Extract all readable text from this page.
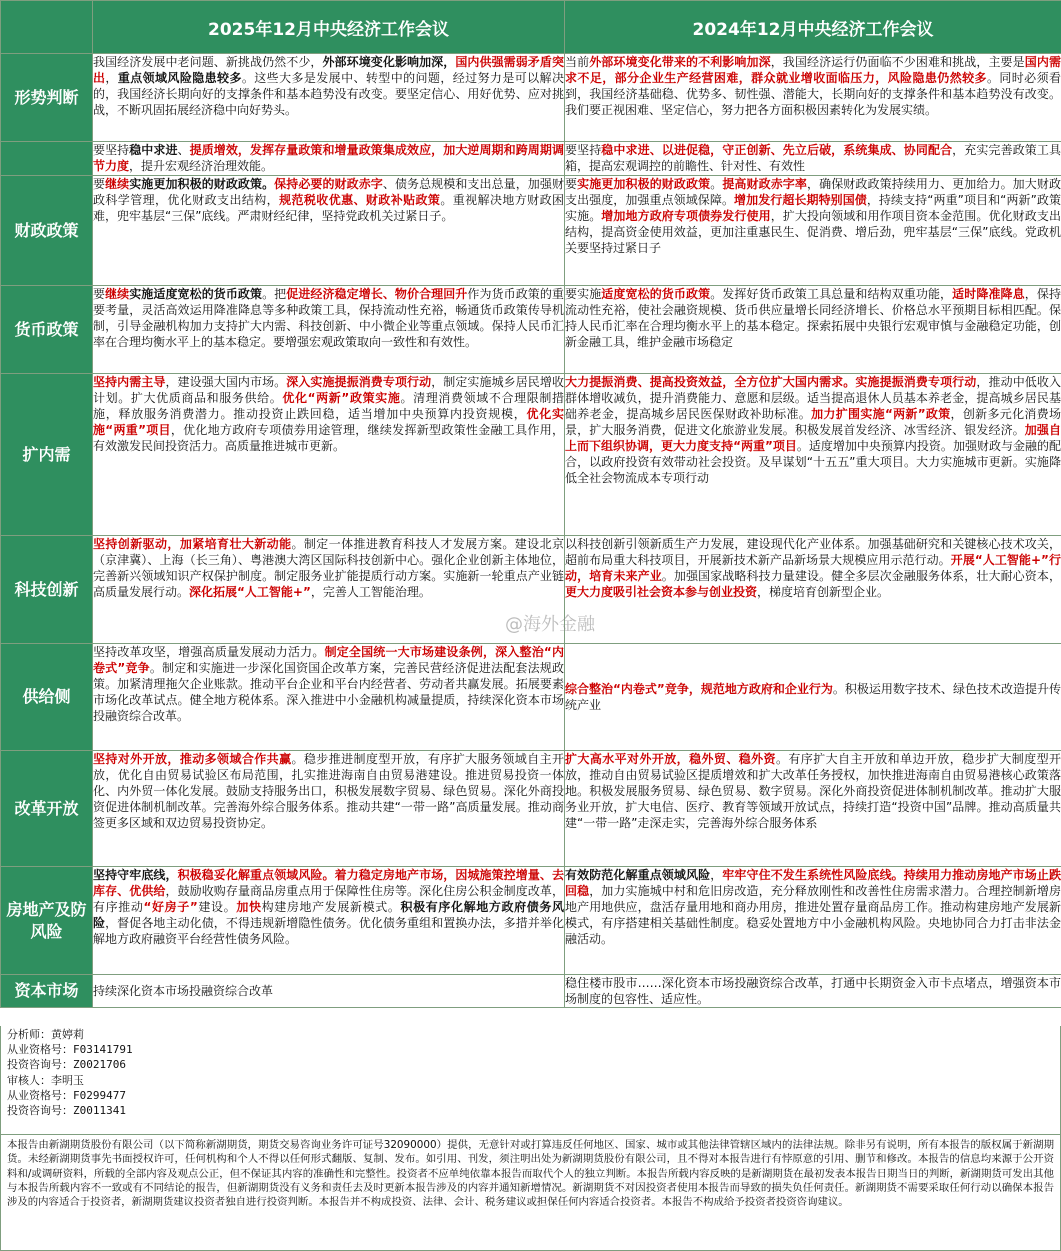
	2025年12月中央经济工作会议	2024年12月中央经济工作会议
形势判断	我国经济发展中老问题、新挑战仍然不少，外部环境变化影响加深，国内供强需弱矛盾突出，重点领域风险隐患较多。这些大多是发展中、转型中的问题，经过努力是可以解决的，我国经济长期向好的支撑条件和基本趋势没有改变。要坚定信心、用好优势、应对挑战，不断巩固拓展经济稳中向好势头。	当前外部环境变化带来的不利影响加深，我国经济运行仍面临不少困难和挑战，主要是国内需求不足，部分企业生产经营困难，群众就业增收面临压力，风险隐患仍然较多。同时必须看到，我国经济基础稳、优势多、韧性强、潜能大，长期向好的支撑条件和基本趋势没有改变。我们要正视困难、坚定信心，努力把各方面积极因素转化为发展实绩。
	要坚持稳中求进、提质增效，发挥存量政策和增量政策集成效应，加大逆周期和跨周期调节力度，提升宏观经济治理效能。	要坚持稳中求进、以进促稳，守正创新、先立后破，系统集成、协同配合，充实完善政策工具箱，提高宏观调控的前瞻性、针对性、有效性
财政政策	要继续实施更加积极的财政政策。保持必要的财政赤字、债务总规模和支出总量，加强财政科学管理，优化财政支出结构，规范税收优惠、财政补贴政策。重视解决地方财政困难，兜牢基层“三保”底线。严肃财经纪律，坚持党政机关过紧日子。	要实施更加积极的财政政策。提高财政赤字率，确保财政政策持续用力、更加给力。加大财政支出强度，加强重点领域保障。增加发行超长期特别国债，持续支持“两重”项目和“两新”政策实施。增加地方政府专项债券发行使用，扩大投向领域和用作项目资本金范围。优化财政支出结构，提高资金使用效益，更加注重惠民生、促消费、增后劲，兜牢基层“三保”底线。党政机关要坚持过紧日子
货币政策	要继续实施适度宽松的货币政策。把促进经济稳定增长、物价合理回升作为货币政策的重要考量，灵活高效运用降准降息等多种政策工具，保持流动性充裕，畅通货币政策传导机制，引导金融机构加力支持扩大内需、科技创新、中小微企业等重点领域。保持人民币汇率在合理均衡水平上的基本稳定。要增强宏观政策取向一致性和有效性。	要实施适度宽松的货币政策。发挥好货币政策工具总量和结构双重功能，适时降准降息，保持流动性充裕，使社会融资规模、货币供应量增长同经济增长、价格总水平预期目标相匹配。保持人民币汇率在合理均衡水平上的基本稳定。探索拓展中央银行宏观审慎与金融稳定功能，创新金融工具，维护金融市场稳定
扩内需	坚持内需主导，建设强大国内市场。深入实施提振消费专项行动，制定实施城乡居民增收计划。扩大优质商品和服务供给。优化“两新”政策实施。清理消费领域不合理限制措施，释放服务消费潜力。推动投资止跌回稳，适当增加中央预算内投资规模，优化实施“两重”项目，优化地方政府专项债券用途管理，继续发挥新型政策性金融工具作用，有效激发民间投资活力。高质量推进城市更新。	大力提振消费、提高投资效益，全方位扩大国内需求。实施提振消费专项行动，推动中低收入群体增收减负，提升消费能力、意愿和层级。适当提高退休人员基本养老金，提高城乡居民基础养老金，提高城乡居民医保财政补助标准。加力扩围实施“两新”政策，创新多元化消费场景，扩大服务消费，促进文化旅游业发展。积极发展首发经济、冰雪经济、银发经济。加强自上而下组织协调，更大力度支持“两重”项目。适度增加中央预算内投资。加强财政与金融的配合，以政府投资有效带动社会投资。及早谋划“十五五”重大项目。大力实施城市更新。实施降低全社会物流成本专项行动
科技创新	坚持创新驱动，加紧培育壮大新动能。制定一体推进教育科技人才发展方案。建设北京（京津冀）、上海（长三角）、粤港澳大湾区国际科技创新中心。强化企业创新主体地位，完善新兴领域知识产权保护制度。制定服务业扩能提质行动方案。实施新一轮重点产业链高质量发展行动。深化拓展“人工智能+”，完善人工智能治理。	以科技创新引领新质生产力发展，建设现代化产业体系。加强基础研究和关键核心技术攻关，超前布局重大科技项目，开展新技术新产品新场景大规模应用示范行动。开展“人工智能+”行动，培育未来产业。加强国家战略科技力量建设。健全多层次金融服务体系，壮大耐心资本，更大力度吸引社会资本参与创业投资，梯度培育创新型企业。
供给侧	坚持改革攻坚，增强高质量发展动力活力。制定全国统一大市场建设条例，深入整治“内卷式”竞争。制定和实施进一步深化国资国企改革方案，完善民营经济促进法配套法规政策。加紧清理拖欠企业账款。推动平台企业和平台内经营者、劳动者共赢发展。拓展要素市场化改革试点。健全地方税体系。深入推进中小金融机构减量提质，持续深化资本市场投融资综合改革。	综合整治“内卷式”竞争，规范地方政府和企业行为。积极运用数字技术、绿色技术改造提升传统产业
改革开放	坚持对外开放，推动多领域合作共赢。稳步推进制度型开放，有序扩大服务领域自主开放，优化自由贸易试验区布局范围，扎实推进海南自由贸易港建设。推进贸易投资一体化、内外贸一体化发展。鼓励支持服务出口，积极发展数字贸易、绿色贸易。深化外商投资促进体制机制改革。完善海外综合服务体系。推动共建“一带一路”高质量发展。推动商签更多区域和双边贸易投资协定。	扩大高水平对外开放，稳外贸、稳外资。有序扩大自主开放和单边开放，稳步扩大制度型开放，推动自由贸易试验区提质增效和扩大改革任务授权，加快推进海南自由贸易港核心政策落地。积极发展服务贸易、绿色贸易、数字贸易。深化外商投资促进体制机制改革。推动扩大服务业开放，扩大电信、医疗、教育等领域开放试点，持续打造“投资中国”品牌。推动高质量共建“一带一路”走深走实，完善海外综合服务体系
房地产及防风险	坚持守牢底线，积极稳妥化解重点领域风险。着力稳定房地产市场，因城施策控增量、去库存、优供给，鼓励收购存量商品房重点用于保障性住房等。深化住房公积金制度改革，有序推动“好房子”建设。加快构建房地产发展新模式。积极有序化解地方政府债务风险，督促各地主动化债，不得违规新增隐性债务。优化债务重组和置换办法，多措并举化解地方政府融资平台经营性债务风险。	有效防范化解重点领域风险，牢牢守住不发生系统性风险底线。持续用力推动房地产市场止跌回稳，加力实施城中村和危旧房改造，充分释放刚性和改善性住房需求潜力。合理控制新增房地产用地供应，盘活存量用地和商办用房，推进处置存量商品房工作。推动构建房地产发展新模式，有序搭建相关基础性制度。稳妥处置地方中小金融机构风险。央地协同合力打击非法金融活动。
资本市场	持续深化资本市场投融资综合改革	稳住楼市股市……深化资本市场投融资综合改革，打通中长期资金入市卡点堵点，增强资本市场制度的包容性、适应性。
分析师：黄婷莉
从业资格号：F03141791
投资咨询号：Z0021706
审核人：李明玉
从业资格号：F0299477
投资咨询号：Z0011341
本报告由新湖期货股份有限公司（以下简称新湖期货，期货交易咨询业务许可证号32090000）提供，无意针对或打算违反任何地区、国家、城市或其他法律管辖区域内的法律法规。除非另有说明，所有本报告的版权属于新湖期货。未经新湖期货事先书面授权许可，任何机构和个人不得以任何形式翻版、复制、发布。如引用、刊发，须注明出处为新湖期货股份有限公司，且不得对本报告进行有悖原意的引用、删节和修改。本报告的信息均来源于公开资料和/或调研资料，所载的全部内容及观点公正，但不保证其内容的准确性和完整性。投资者不应单纯依靠本报告而取代个人的独立判断。本报告所载内容反映的是新湖期货在最初发表本报告日期当日的判断，新湖期货可发出其他与本报告所载内容不一致或有不同结论的报告，但新湖期货没有义务和责任去及时更新本报告涉及的内容并通知新增情况。新湖期货不对因投资者使用本报告而导致的损失负任何责任。新湖期货不需要采取任何行动以确保本报告涉及的内容适合于投资者，新湖期货建议投资者独自进行投资判断。本报告并不构成投资、法律、会计、税务建议或担保任何内容适合投资者。本报告不构成给予投资者投资咨询建议。
@海外金融
